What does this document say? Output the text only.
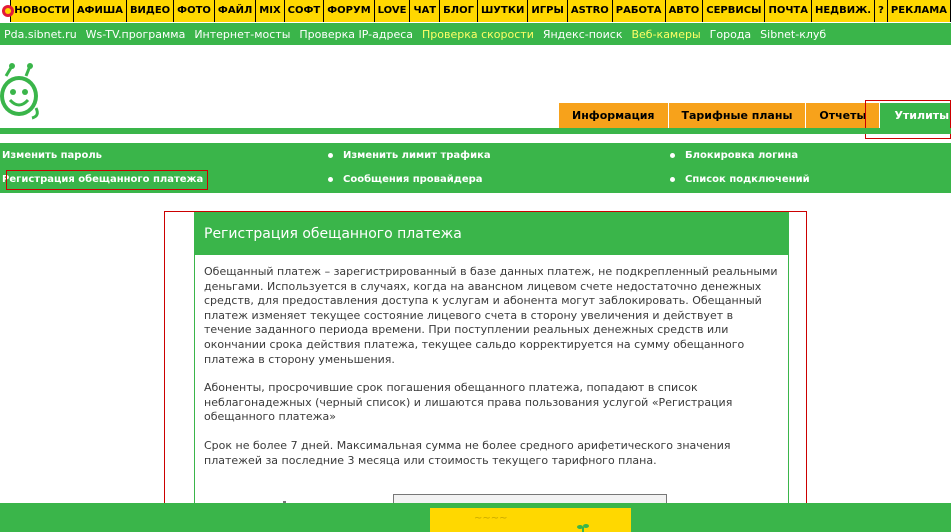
НОВОСТИ АФИША ВИДЕО ФОТО ФАЙЛ MIX СОФТ ФОРУМ LOVE ЧАТ БЛОГ ШУТКИ ИГРЫ ASTRO РАБОТА АВТО СЕРВИСЫ ПОЧТА НЕДВИЖ. ? РЕКЛАМА
Pda.sibnet.ru Ws-TV.программа Интернет-мосты Проверка IP-адреса Проверка скорости Яндекс-поиск Веб-камеры Города Sibnet-клуб
Информация	Тарифные планы	Отчеты	Утилиты
Изменить пароль
Регистрация обещанного платежа
Изменить лимит трафика
Сообщения провайдера
Блокировка логина
Список подключений
Регистрация обещанного платежа

Обещанный платеж – зарегистрированный в базе данных платеж, не подкрепленный реальными деньгами. Используется в случаях, когда на авансном лицевом счете недостаточно денежных средств, для предоставления доступа к услугам и абонента могут заблокировать. Обещанный платеж изменяет текущее состояние лицевого счета в сторону увеличения и действует в течение заданного периода времени. При поступлении реальных денежных средств или окончании срока действия платежа, текущее сальдо корректируется на сумму обещанного платежа в сторону уменьшения.

Абоненты, просрочившие срок погашения обещанного платежа, попадают в список неблагонадежных (черный список) и лишаются права пользования услугой «Регистрация обещанного платежа»

Срок не более 7 дней. Максимальная сумма не более средного арифетического значения платежей за последние 3 месяца или стоимость текущего тарифного плана.

~~~~
